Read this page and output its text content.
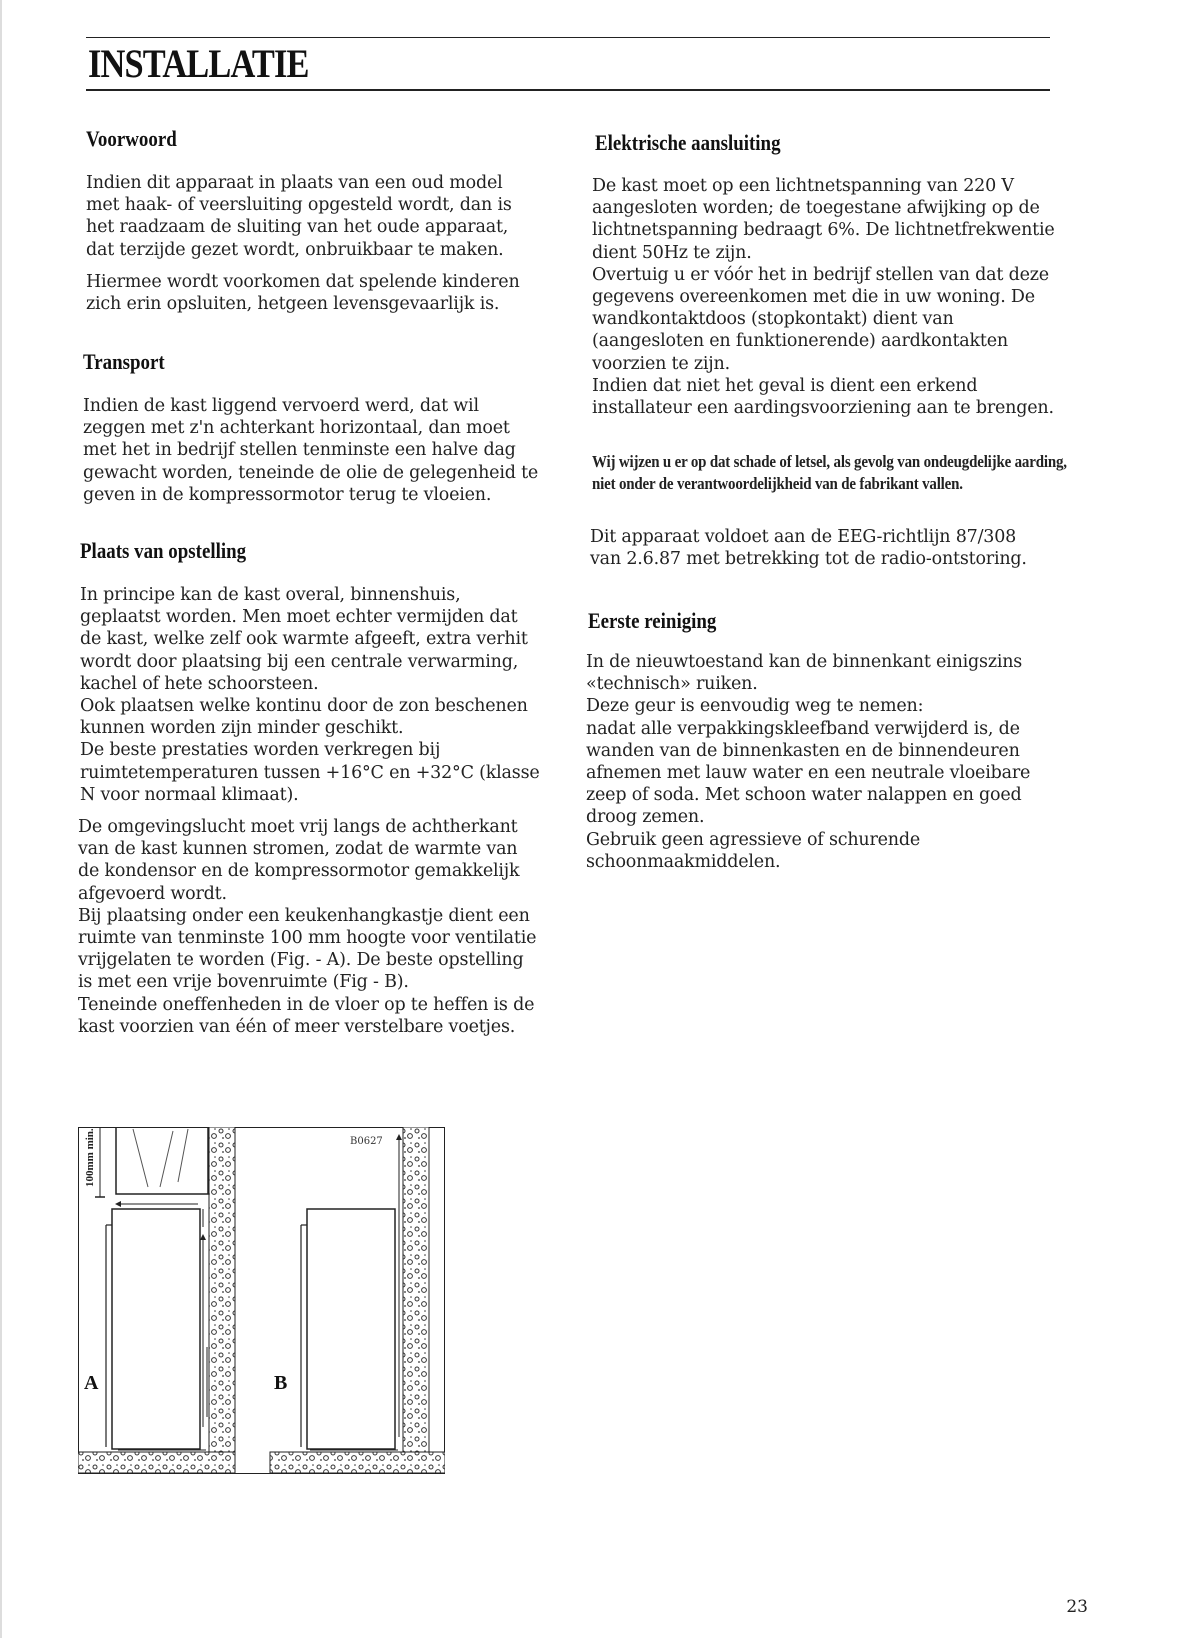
INSTALLATIE
Voorwoord

Indien dit apparaat in plaats van een oud model met haak- of veersluiting opgesteld wordt, dan is het raadzaam de sluiting van het oude apparaat, dat terzijde gezet wordt, onbruikbaar te maken.

Hiermee wordt voorkomen dat spelende kinderen zich erin opsluiten, hetgeen levensgevaarlijk is.

Transport

Indien de kast liggend vervoerd werd, dat wil zeggen met z'n achterkant horizontaal, dan moet met het in bedrijf stellen tenminste een halve dag gewacht worden, teneinde de olie de gelegenheid te geven in de kompressormotor terug te vloeien.

Plaats van opstelling

In principe kan de kast overal, binnenshuis, geplaatst worden. Men moet echter vermijden dat de kast, welke zelf ook warmte afgeeft, extra verhit wordt door plaatsing bij een centrale verwarming, kachel of hete schoorsteen.
Ook plaatsen welke kontinu door de zon beschenen kunnen worden zijn minder geschikt.
De beste prestaties worden verkregen bij ruimtetemperaturen tussen +16°C en +32°C (klasse N voor normaal klimaat).

De omgevingslucht moet vrij langs de achtherkant van de kast kunnen stromen, zodat de warmte van de kondensor en de kompressormotor gemakkelijk afgevoerd wordt.
Bij plaatsing onder een keukenhangkastje dient een ruimte van tenminste 100 mm hoogte voor ventilatie vrijgelaten te worden (Fig. - A). De beste opstelling is met een vrije bovenruimte (Fig - B).
Teneinde oneffenheden in de vloer op te heffen is de kast voorzien van één of meer verstelbare voetjes.

100mm min.
A
B0627
B
Elektrische aansluiting

De kast moet op een lichtnetspanning van 220 V aangesloten worden; de toegestane afwijking op de lichtnetspanning bedraagt 6%. De lichtnetfrekwentie dient 50Hz te zijn.
Overtuig u er vóór het in bedrijf stellen van dat deze gegevens overeenkomen met die in uw woning. De wandkontaktdoos (stopkontakt) dient van (aangesloten en funktionerende) aardkontakten voorzien te zijn.
Indien dat niet het geval is dient een erkend installateur een aardingsvoorziening aan te brengen.

Wij wijzen u er op dat schade of letsel, als gevolg van ondeugdelijke aarding, niet onder de verantwoordelijkheid van de fabrikant vallen.

Dit apparaat voldoet aan de EEG-richtlijn 87/308 van 2.6.87 met betrekking tot de radio-ontstoring.

Eerste reiniging

In de nieuwtoestand kan de binnenkant einigszins «technisch» ruiken.
Deze geur is eenvoudig weg te nemen:
nadat alle verpakkingskleefband verwijderd is, de wanden van de binnenkasten en de binnendeuren afnemen met lauw water en een neutrale vloeibare zeep of soda. Met schoon water nalappen en goed droog zemen.
Gebruik geen agressieve of schurende schoonmaakmiddelen.

23
